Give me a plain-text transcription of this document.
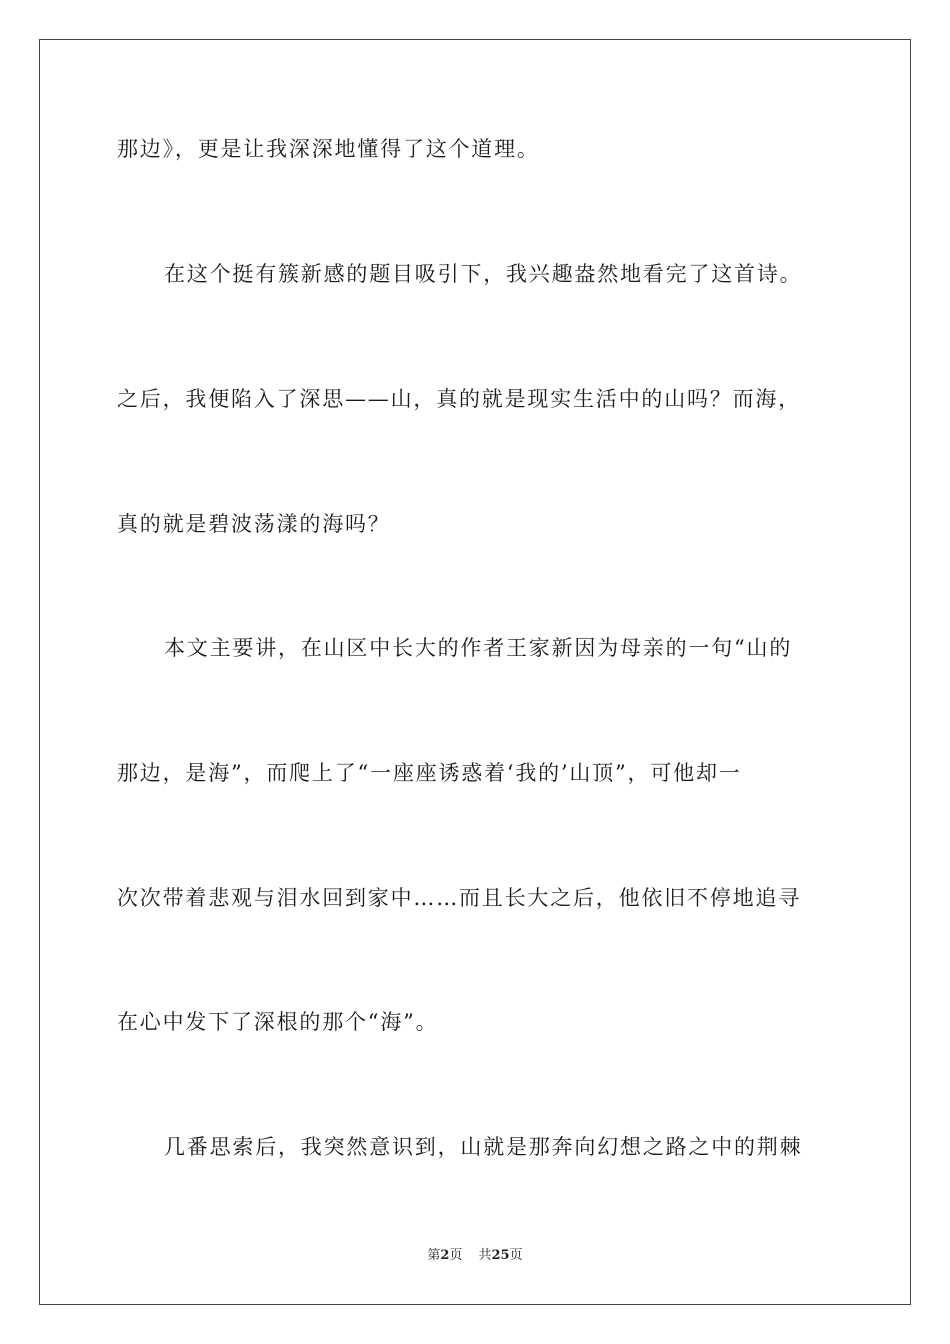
那边》，更是让我深深地懂得了这个道理。
在这个挺有簇新感的题目吸引下，我兴趣盎然地看完了这首诗。
之后，我便陷入了深思——山，真的就是现实生活中的山吗？而海，
真的就是碧波荡漾的海吗？
本文主要讲，在山区中长大的作者王家新因为母亲的一句“山的
那边，是海”，而爬上了“一座座诱惑着‘我的’山顶”，可他却一
次次带着悲观与泪水回到家中……而且长大之后，他依旧不停地追寻
在心中发下了深根的那个“海”。
几番思索后，我突然意识到，山就是那奔向幻想之路之中的荆棘
第2页 共25页
